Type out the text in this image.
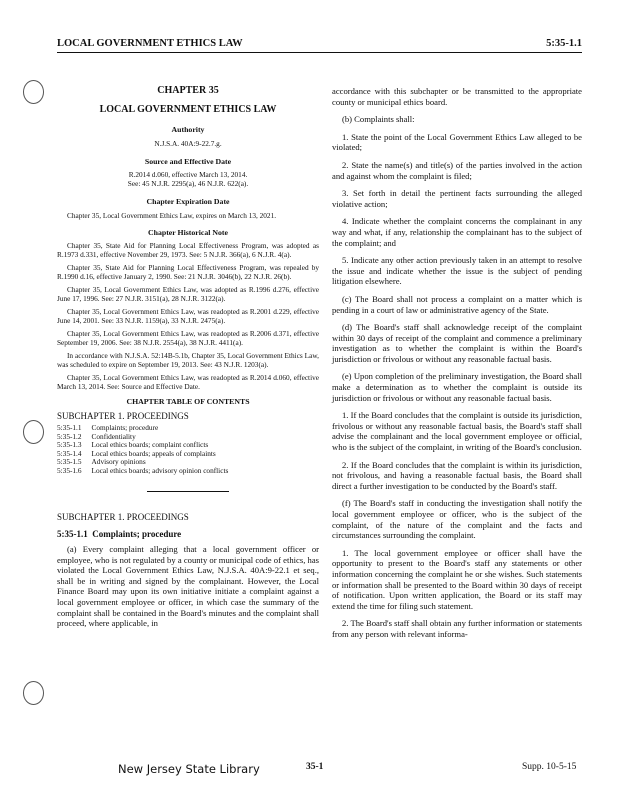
LOCAL GOVERNMENT ETHICS LAW	5:35-1.1

CHAPTER 35

LOCAL GOVERNMENT ETHICS LAW

Authority

N.J.S.A. 40A:9-22.7.g.

Source and Effective Date

R.2014 d.060, effective March 13, 2014.

See: 45 N.J.R. 2295(a), 46 N.J.R. 622(a).

Chapter Expiration Date

Chapter 35, Local Government Ethics Law, expires on March 13, 2021.

Chapter Historical Note

Chapter 35, State Aid for Planning Local Effectiveness Program, was adopted as R.1973 d.331, effective November 29, 1973. See: 5 N.J.R. 366(a), 6 N.J.R. 4(a).

Chapter 35, State Aid for Planning Local Effectiveness Program, was repealed by R.1990 d.16, effective January 2, 1990. See: 21 N.J.R. 3046(b), 22 N.J.R. 26(b).

Chapter 35, Local Government Ethics Law, was adopted as R.1996 d.276, effective June 17, 1996. See: 27 N.J.R. 3151(a), 28 N.J.R. 3122(a).

Chapter 35, Local Government Ethics Law, was readopted as R.2001 d.229, effective June 14, 2001. See: 33 N.J.R. 1159(a), 33 N.J.R. 2475(a).

Chapter 35, Local Government Ethics Law, was readopted as R.2006 d.371, effective September 19, 2006. See: 38 N.J.R. 2554(a), 38 N.J.R. 4411(a).

In accordance with N.J.S.A. 52:14B-5.1b, Chapter 35, Local Government Ethics Law, was scheduled to expire on September 19, 2013. See: 43 N.J.R. 1203(a).

Chapter 35, Local Government Ethics Law, was readopted as R.2014 d.060, effective March 13, 2014. See: Source and Effective Date.

CHAPTER TABLE OF CONTENTS

SUBCHAPTER 1. PROCEEDINGS

5:35-1.1	Complaints; procedure
5:35-1.2	Confidentiality
5:35-1.3	Local ethics boards; complaint conflicts
5:35-1.4	Local ethics boards; appeals of complaints
5:35-1.5	Advisory opinions
5:35-1.6	Local ethics boards; advisory opinion conflicts

SUBCHAPTER 1. PROCEEDINGS

5:35-1.1 Complaints; procedure

(a) Every complaint alleging that a local government officer or employee, who is not regulated by a county or municipal code of ethics, has violated the Local Government Ethics Law, N.J.S.A. 40A:9-22.1 et seq., shall be in writing and signed by the complainant. However, the Local Finance Board may upon its own initiative initiate a complaint against a local government employee or officer, in which case the summary of the complaint shall be contained in the Board's minutes and the complaint shall proceed, where applicable, in

accordance with this subchapter or be transmitted to the appropriate county or municipal ethics board.

(b) Complaints shall:

1. State the point of the Local Government Ethics Law alleged to be violated;

2. State the name(s) and title(s) of the parties involved in the action and against whom the complaint is filed;

3. Set forth in detail the pertinent facts surrounding the alleged violative action;

4. Indicate whether the complaint concerns the complainant in any way and what, if any, relationship the complainant has to the subject of the complaint; and

5. Indicate any other action previously taken in an attempt to resolve the issue and indicate whether the issue is the subject of pending litigation elsewhere.

(c) The Board shall not process a complaint on a matter which is pending in a court of law or administrative agency of the State.

(d) The Board's staff shall acknowledge receipt of the complaint within 30 days of receipt of the complaint and commence a preliminary investigation as to whether the complaint is within the Board's jurisdiction or frivolous or without any reasonable factual basis.

(e) Upon completion of the preliminary investigation, the Board shall make a determination as to whether the complaint is outside its jurisdiction or frivolous or without any reasonable factual basis.

1. If the Board concludes that the complaint is outside its jurisdiction, frivolous or without any reasonable factual basis, the Board's staff shall advise the complainant and the local government employee or official, who is the subject of the complaint, in writing of the Board's conclusion.

2. If the Board concludes that the complaint is within its jurisdiction, not frivolous, and having a reasonable factual basis, the Board shall direct a further investigation to be conducted by the Board's staff.

(f) The Board's staff in conducting the investigation shall notify the local government employee or officer, who is the subject of the complaint, of the nature of the complaint and the facts and circumstances surrounding the complaint.

1. The local government employee or officer shall have the opportunity to present to the Board's staff any statements or other information concerning the complaint he or she wishes. Such statements or information shall be presented to the Board within 30 days of receipt of notification. Upon written application, the Board or its staff may extend the time for filing such statement.

2. The Board's staff shall obtain any further information or statements from any person with relevant informa-

New Jersey State Library	35-1	Supp. 10-5-15
